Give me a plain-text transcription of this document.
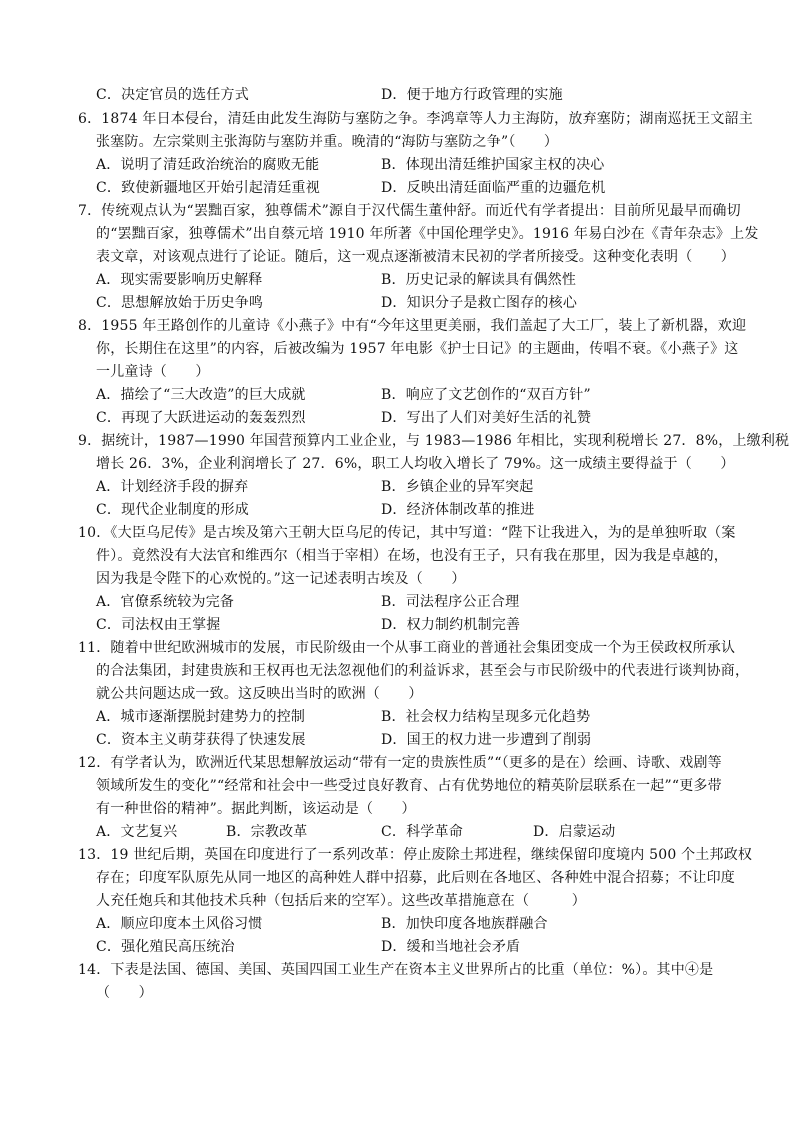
C．决定官员的选任方式	D．便于地方行政管理的实施
6．1874 年日本侵台，清廷由此发生海防与塞防之争。李鸿章等人力主海防，放弃塞防；湖南巡抚王文韶主
张塞防。左宗棠则主张海防与塞防并重。晚清的“海防与塞防之争”（　　）
A．说明了清廷政治统治的腐败无能	B．体现出清廷维护国家主权的决心
C．致使新疆地区开始引起清廷重视	D．反映出清廷面临严重的边疆危机
7．传统观点认为“罢黜百家，独尊儒术”源自于汉代儒生董仲舒。而近代有学者提出：目前所见最早而确切
的“罢黜百家，独尊儒术”出自蔡元培 1910 年所著《中国伦理学史》。1916 年易白沙在《青年杂志》上发
表文章，对该观点进行了论证。随后，这一观点逐渐被清末民初的学者所接受。这种变化表明（　　）
A．现实需要影响历史解释	B．历史记录的解读具有偶然性
C．思想解放始于历史争鸣	D．知识分子是救亡图存的核心
8．1955 年王路创作的儿童诗《小燕子》中有“今年这里更美丽，我们盖起了大工厂，装上了新机器，欢迎
你，长期住在这里”的内容，后被改编为 1957 年电影《护士日记》的主题曲，传唱不衰。《小燕子》这
一儿童诗（　　）
A．描绘了“三大改造”的巨大成就	B．响应了文艺创作的“双百方针”
C．再现了大跃进运动的轰轰烈烈	D．写出了人们对美好生活的礼赞
9．据统计，1987—1990 年国营预算内工业企业，与 1983—1986 年相比，实现利税增长 27．8%，上缴利税
增长 26．3%，企业利润增长了 27．6%，职工人均收入增长了 79%。这一成绩主要得益于（　　）
A．计划经济手段的摒弃	B．乡镇企业的异军突起
C．现代企业制度的形成	D．经济体制改革的推进
10．《大臣乌尼传》是古埃及第六王朝大臣乌尼的传记，其中写道：“陛下让我进入，为的是单独听取（案
件）。竟然没有大法官和维西尔（相当于宰相）在场，也没有王子，只有我在那里，因为我是卓越的，
因为我是令陛下的心欢悦的。”这一记述表明古埃及（　　）
A．官僚系统较为完备	B．司法程序公正合理
C．司法权由王掌握	D．权力制约机制完善
11．随着中世纪欧洲城市的发展，市民阶级由一个从事工商业的普通社会集团变成一个为王侯政权所承认
的合法集团，封建贵族和王权再也无法忽视他们的利益诉求，甚至会与市民阶级中的代表进行谈判协商，
就公共问题达成一致。这反映出当时的欧洲（　　）
A．城市逐渐摆脱封建势力的控制	B．社会权力结构呈现多元化趋势
C．资本主义萌芽获得了快速发展	D．国王的权力进一步遭到了削弱
12．有学者认为，欧洲近代某思想解放运动“带有一定的贵族性质”“（更多的是在）绘画、诗歌、戏剧等
领域所发生的变化”“经常和社会中一些受过良好教育、占有优势地位的精英阶层联系在一起”“更多带
有一种世俗的精神”。据此判断，该运动是（　　）
A．文艺复兴	B．宗教改革	C．科学革命	D．启蒙运动
13．19 世纪后期，英国在印度进行了一系列改革：停止废除土邦进程，继续保留印度境内 500 个土邦政权
存在；印度军队原先从同一地区的高种姓人群中招募，此后则在各地区、各种姓中混合招募；不让印度
人充任炮兵和其他技术兵种（包括后来的空军）。这些改革措施意在（　　　）
A．顺应印度本土风俗习惯	B．加快印度各地族群融合
C．强化殖民高压统治	D．缓和当地社会矛盾
14．下表是法国、德国、美国、英国四国工业生产在资本主义世界所占的比重（单位：%）。其中④是
（　　）
